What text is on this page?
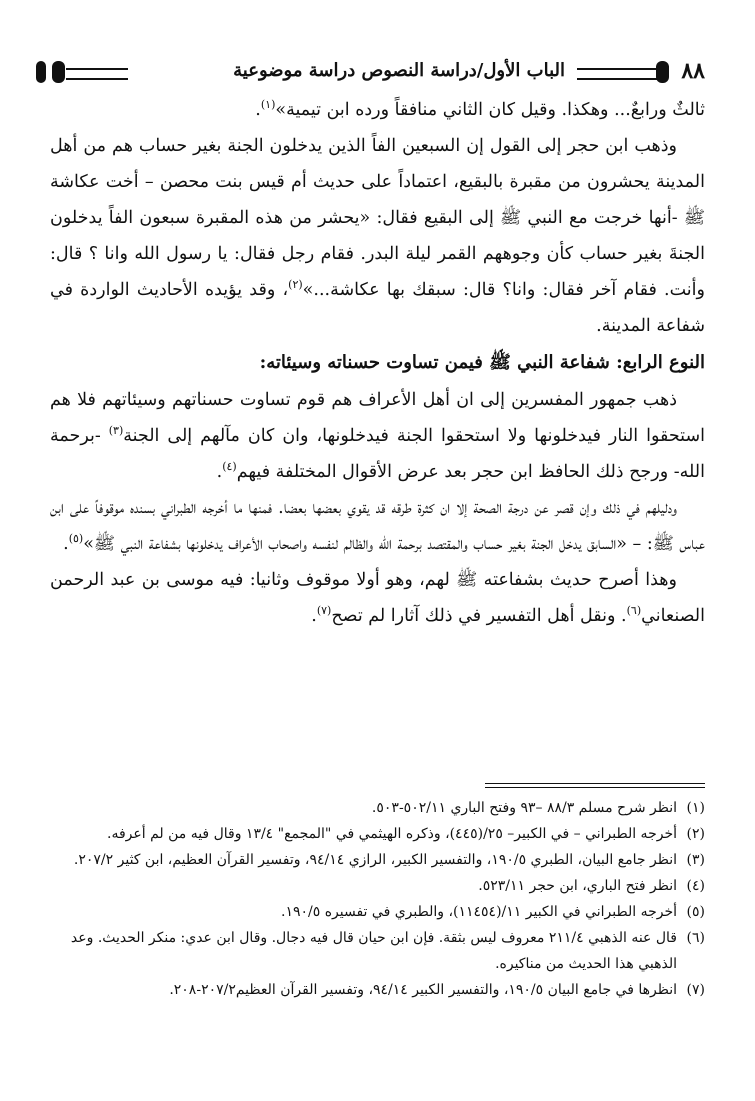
٨٨
الباب الأول/دراسة النصوص دراسة موضوعية

ثالثٌ ورابعٌ... وهكذا. وقيل كان الثاني منافقاً ورده ابن تيمية»$^{(١)}$.

وذهب ابن حجر إلى القول إن السبعين الفاً الذين يدخلون الجنة بغير حساب هم من أهل المدينة يحشرون من مقبرة بالبقيع، اعتماداً على حديث أم قيس بنت محصن – أخت عكاشة ﷺ -أنها خرجت مع النبي ﷺ إلى البقيع فقال: «يحشر من هذه المقبرة سبعون الفاً يدخلون الجنةَ بغير حساب كأن وجوههم القمر ليلة البدر. فقام رجل فقال: يا رسول الله وانا ؟ قال: وأنت. فقام آخر فقال: وانا؟ قال: سبقك بها عكاشة...»$^{(٢)}$، وقد يؤيده الأحاديث الواردة في شفاعة المدينة.

النوع الرابع: شفاعة النبي ﷺ فيمن تساوت حسناته وسيئاته:

ذهب جمهور المفسرين إلى ان أهل الأعراف هم قوم تساوت حسناتهم وسيئاتهم فلا هم استحقوا النار فيدخلونها ولا استحقوا الجنة فيدخلونها، وان كان مآلهم إلى الجنة$^{(٣)}$ -برحمة الله- ورجح ذلك الحافظ ابن حجر بعد عرض الأقوال المختلفة فيهم$^{(٤)}$.

ودليلهم في ذلك وإن قصر عن درجة الصحة إلا ان كثرة طرقه قد يقوي بعضها بعضا. فمنها ما أخرجه الطبراني بسنده موقوفاً على ابن عباس ﷺ: – «السابق يدخل الجنة بغير حساب والمقتصد برحمة الله والظالم لنفسه واصحاب الأعراف يدخلونها بشفاعة النبي ﷺ»$^{(٥)}$.

وهذا أصرح حديث بشفاعته ﷺ لهم، وهو أولا موقوف وثانيا: فيه موسى بن عبد الرحمن الصنعاني$^{(٦)}$. ونقل أهل التفسير في ذلك آثارا لم تصح$^{(٧)}$.

(١)انظر شرح مسلم ٨٨/٣ –٩٣ وفتح الباري ٥٠٢/١١-٥٠٣.

(٢)أخرجه الطبراني – في الكبير– ٢٥/(٤٤٥)، وذكره الهيثمي في "المجمع" ١٣/٤ وقال فيه من لم أعرفه.

(٣)انظر جامع البيان، الطبري ١٩٠/٥، والتفسير الكبير، الرازي ٩٤/١٤، وتفسير القرآن العظيم، ابن كثير ٢٠٧/٢.

(٤)انظر فتح الباري، ابن حجر ٥٢٣/١١.

(٥)أخرجه الطبراني في الكبير ١١/(١١٤٥٤)، والطبري في تفسيره ١٩٠/٥.

(٦)قال عنه الذهبي ٢١١/٤ معروف ليس بثقة. فإن ابن حيان قال فيه دجال. وقال ابن عدي: منكر الحديث. وعد الذهبي هذا الحديث من مناكيره.

(٧)انظرها في جامع البيان ١٩٠/٥، والتفسير الكبير ٩٤/١٤، وتفسير القرآن العظيم٢٠٧/٢-٢٠٨.
